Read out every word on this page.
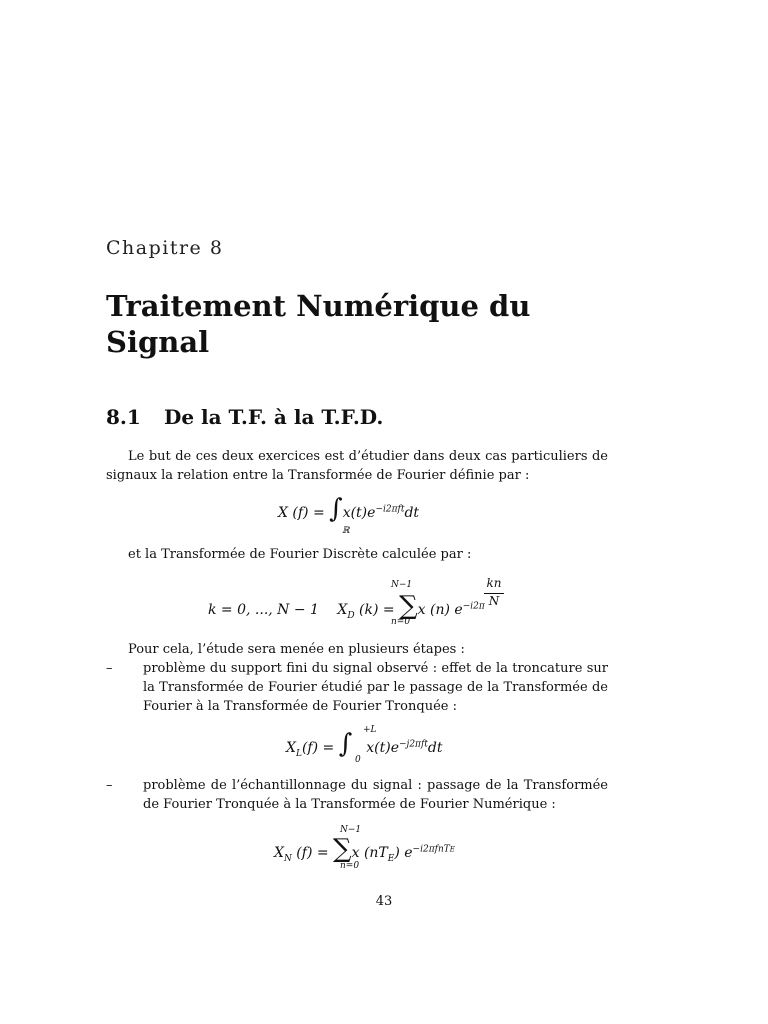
Chapitre 8
Traitement Numérique du Signal
8.1 De la T.F. à la T.F.D.
Le but de ces deux exercices est d’étudier dans deux cas particuliers de signaux la relation entre la Transformée de Fourier définie par :
X $(f) = \int x(t)e^{-i2\pi ft}dt$
ℝ
et la Transformée de Fourier Discrète calculée par :
k = 0, ..., N − 1 $X_D$ (k) = ∑x (n) $e^{-i2\pi}$
N−1
n=0
kn
N
Pour cela, l’étude sera menée en plusieurs étapes :
–	problème du support fini du signal observé : effet de la troncature sur la Transformée de Fourier étudié par le passage de la Transformée de Fourier à la Transformée de Fourier Tronquée :
$X_L(f)$ = ∫ $x(t)e^{-j2\pi ft}dt$
+L
0
–	problème de l’échantillonnage du signal : passage de la Transformée de Fourier Tronquée à la Transformée de Fourier Numérique :
$X_N$ (f) = ∑x $(nT_E)$ $e^{-i2\pi fnTE}$
N−1
n=0
43
